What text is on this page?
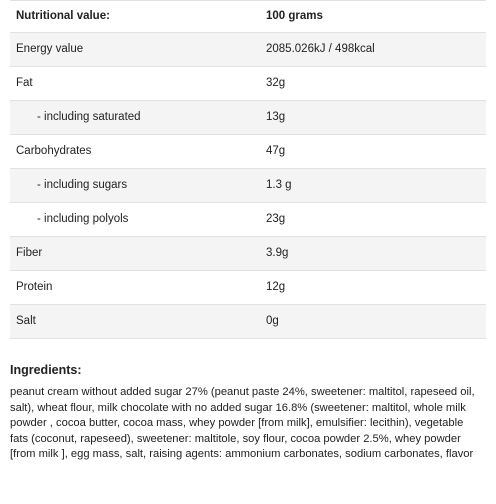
Nutritional value:	100 grams
Energy value	2085.026kJ / 498kcal
Fat	32g
- including saturated	13g
Carbohydrates	47g
- including sugars	1.3 g
- including polyols	23g
Fiber	3.9g
Protein	12g
Salt	0g
Ingredients:

peanut cream without added sugar 27% (peanut paste 24%, sweetener: maltitol, rapeseed oil, salt), wheat flour, milk chocolate with no added sugar 16.8% (sweetener: maltitol, whole milk powder , cocoa butter, cocoa mass, whey powder [from milk], emulsifier: lecithin), vegetable fats (coconut, rapeseed), sweetener: maltitole, soy flour, cocoa powder 2.5%, whey powder [from milk ], egg mass, salt, raising agents: ammonium carbonates, sodium carbonates, flavor
